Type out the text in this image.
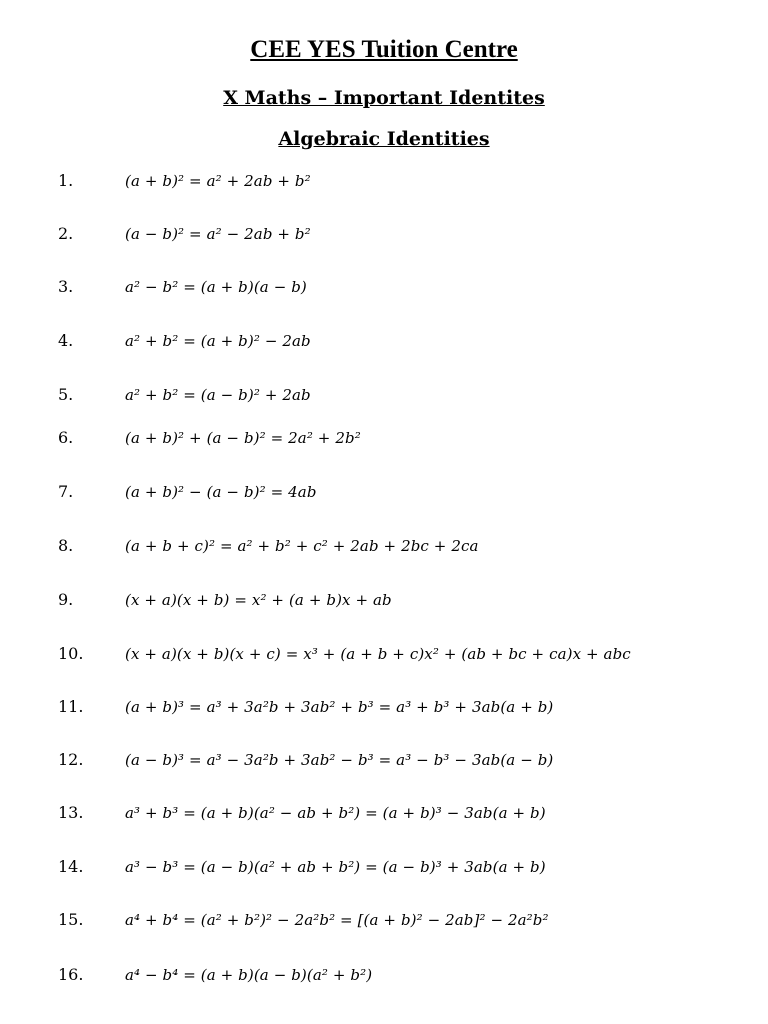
CEE YES Tuition Centre
X Maths – Important Identites
Algebraic Identities
1.	(a + b)² = a² + 2ab + b²
2.	(a − b)² = a² − 2ab + b²
3.	a² − b² = (a + b)(a − b)
4.	a² + b² = (a + b)² − 2ab
5.	a² + b² = (a − b)² + 2ab
6.	(a + b)² + (a − b)² = 2a² + 2b²
7.	(a + b)² − (a − b)² = 4ab
8.	(a + b + c)² = a² + b² + c² + 2ab + 2bc + 2ca
9.	(x + a)(x + b) = x² + (a + b)x + ab
10.	(x + a)(x + b)(x + c) = x³ + (a + b + c)x² + (ab + bc + ca)x + abc
11.	(a + b)³ = a³ + 3a²b + 3ab² + b³ = a³ + b³ + 3ab(a + b)
12.	(a − b)³ = a³ − 3a²b + 3ab² − b³ = a³ − b³ − 3ab(a − b)
13.	a³ + b³ = (a + b)(a² − ab + b²) = (a + b)³ − 3ab(a + b)
14.	a³ − b³ = (a − b)(a² + ab + b²) = (a − b)³ + 3ab(a + b)
15.	a⁴ + b⁴ = (a² + b²)² − 2a²b² = [(a + b)² − 2ab]² − 2a²b²
16.	a⁴ − b⁴ = (a + b)(a − b)(a² + b²)
